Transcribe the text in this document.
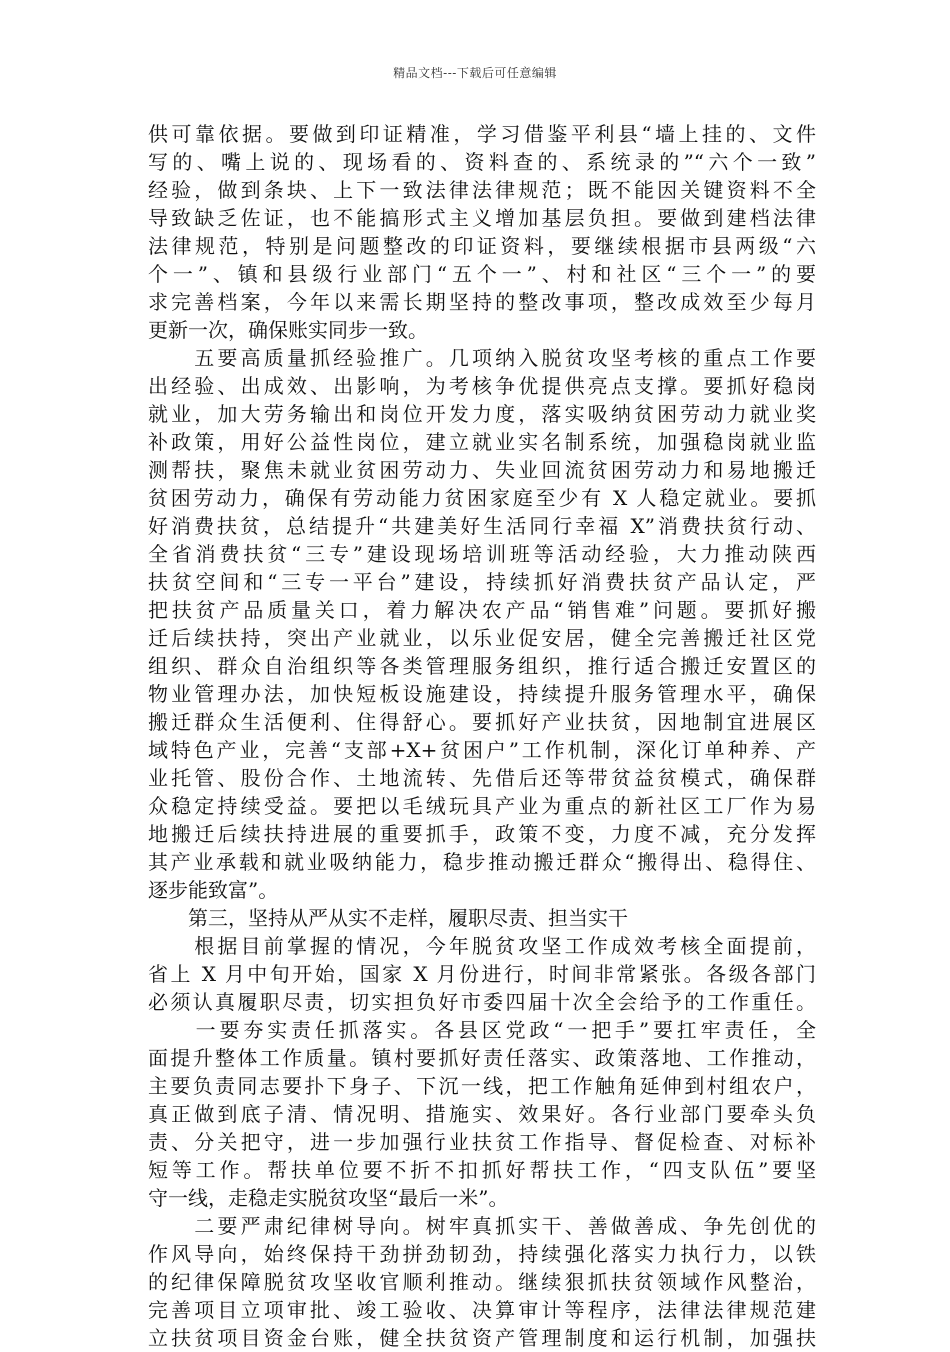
精品文档---下载后可任意编辑
供可靠依据。要做到印证精准，学习借鉴平利县“墙上挂的、文件
写的、嘴上说的、现场看的、资料查的、系统录的”“六个一致”
经验，做到条块、上下一致法律法律规范；既不能因关键资料不全
导致缺乏佐证，也不能搞形式主义增加基层负担。要做到建档法律
法律规范，特别是问题整改的印证资料，要继续根据市县两级“六
个一”、镇和县级行业部门“五个一”、村和社区“三个一”的要
求完善档案，今年以来需长期坚持的整改事项，整改成效至少每月
更新一次，确保账实同步一致。
　　五要高质量抓经验推广。几项纳入脱贫攻坚考核的重点工作要
出经验、出成效、出影响，为考核争优提供亮点支撑。要抓好稳岗
就业，加大劳务输出和岗位开发力度，落实吸纳贫困劳动力就业奖
补政策，用好公益性岗位，建立就业实名制系统，加强稳岗就业监
测帮扶，聚焦未就业贫困劳动力、失业回流贫困劳动力和易地搬迁
贫困劳动力，确保有劳动能力贫困家庭至少有 X 人稳定就业。要抓
好消费扶贫，总结提升“共建美好生活同行幸福 X”消费扶贫行动、
全省消费扶贫“三专”建设现场培训班等活动经验，大力推动陕西
扶贫空间和“三专一平台”建设，持续抓好消费扶贫产品认定，严
把扶贫产品质量关口，着力解决农产品“销售难”问题。要抓好搬
迁后续扶持，突出产业就业，以乐业促安居，健全完善搬迁社区党
组织、群众自治组织等各类管理服务组织，推行适合搬迁安置区的
物业管理办法，加快短板设施建设，持续提升服务管理水平，确保
搬迁群众生活便利、住得舒心。要抓好产业扶贫，因地制宜进展区
域特色产业，完善“支部+X+贫困户”工作机制，深化订单种养、产
业托管、股份合作、土地流转、先借后还等带贫益贫模式，确保群
众稳定持续受益。要把以毛绒玩具产业为重点的新社区工厂作为易
地搬迁后续扶持进展的重要抓手，政策不变，力度不减，充分发挥
其产业承载和就业吸纳能力，稳步推动搬迁群众“搬得出、稳得住、
逐步能致富”。
　　第三，坚持从严从实不走样，履职尽责、担当实干
　　根据目前掌握的情况，今年脱贫攻坚工作成效考核全面提前，
省上 X 月中旬开始，国家 X 月份进行，时间非常紧张。各级各部门
必须认真履职尽责，切实担负好市委四届十次全会给予的工作重任。
　　一要夯实责任抓落实。各县区党政“一把手”要扛牢责任，全
面提升整体工作质量。镇村要抓好责任落实、政策落地、工作推动，
主要负责同志要扑下身子、下沉一线，把工作触角延伸到村组农户，
真正做到底子清、情况明、措施实、效果好。各行业部门要牵头负
责、分关把守，进一步加强行业扶贫工作指导、督促检查、对标补
短等工作。帮扶单位要不折不扣抓好帮扶工作，“四支队伍”要坚
守一线，走稳走实脱贫攻坚“最后一米”。
　　二要严肃纪律树导向。树牢真抓实干、善做善成、争先创优的
作风导向，始终保持干劲拼劲韧劲，持续强化落实力执行力，以铁
的纪律保障脱贫攻坚收官顺利推动。继续狠抓扶贫领域作风整治，
完善项目立项审批、竣工验收、决算审计等程序，法律法律规范建
立扶贫项目资金台账，健全扶贫资产管理制度和运行机制，加强扶
